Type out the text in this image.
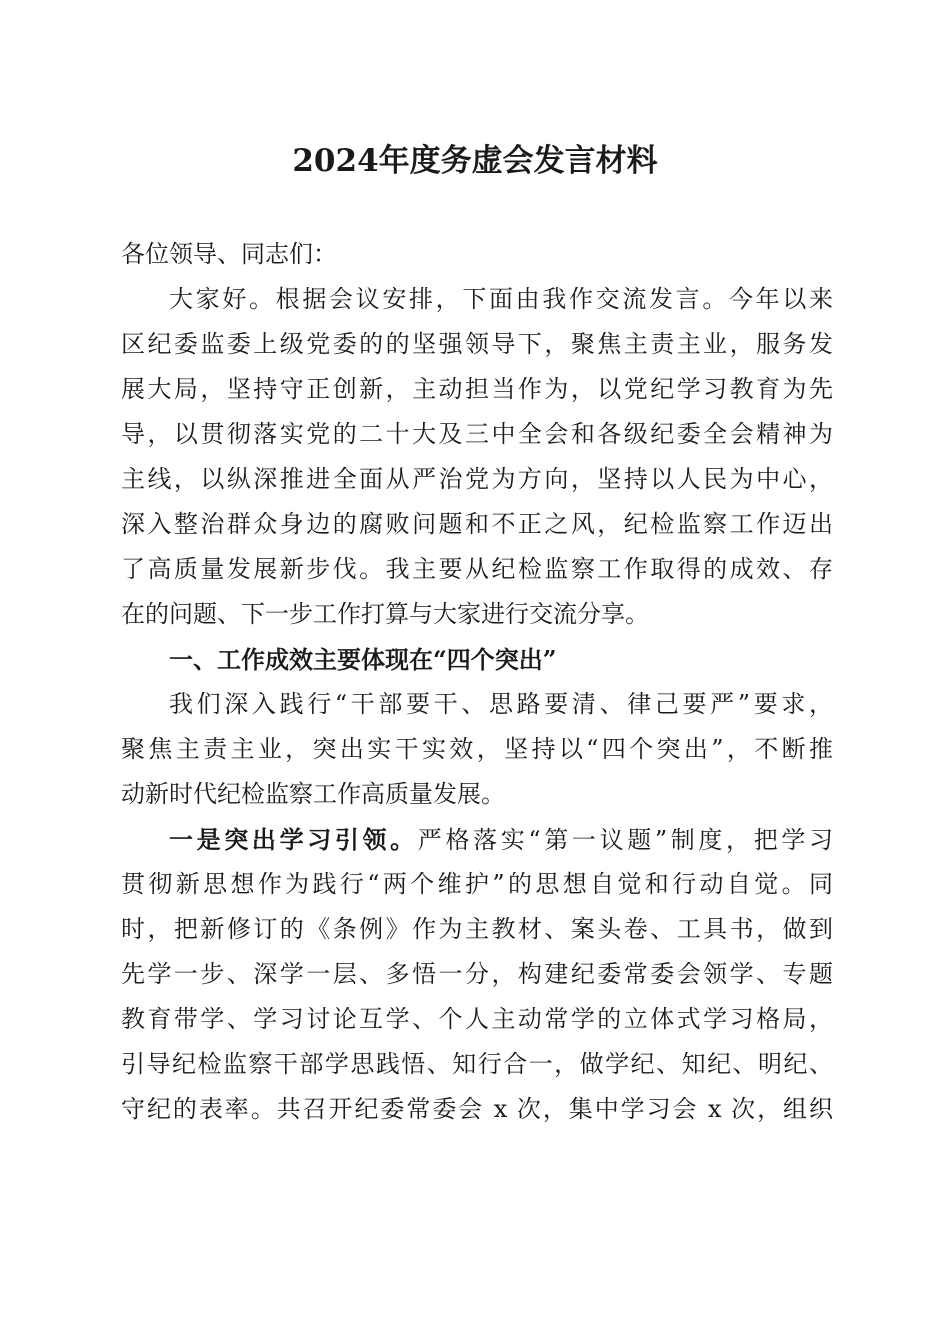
2024年度务虚会发言材料
各位领导、同志们：
大家好。根据会议安排，下面由我作交流发言。今年以来
区纪委监委上级党委的的坚强领导下，聚焦主责主业，服务发
展大局，坚持守正创新，主动担当作为，以党纪学习教育为先
导，以贯彻落实党的二十大及三中全会和各级纪委全会精神为
主线，以纵深推进全面从严治党为方向，坚持以人民为中心，
深入整治群众身边的腐败问题和不正之风，纪检监察工作迈出
了高质量发展新步伐。我主要从纪检监察工作取得的成效、存
在的问题、下一步工作打算与大家进行交流分享。
一、工作成效主要体现在“四个突出”
我们深入践行“干部要干、思路要清、律己要严”要求，
聚焦主责主业，突出实干实效，坚持以“四个突出”，不断推
动新时代纪检监察工作高质量发展。
一是突出学习引领。严格落实“第一议题”制度，把学习
贯彻新思想作为践行“两个维护”的思想自觉和行动自觉。同
时，把新修订的《条例》作为主教材、案头卷、工具书，做到
先学一步、深学一层、多悟一分，构建纪委常委会领学、专题
教育带学、学习讨论互学、个人主动常学的立体式学习格局，
引导纪检监察干部学思践悟、知行合一，做学纪、知纪、明纪、
守纪的表率。共召开纪委常委会 x 次，集中学习会 x 次，组织
